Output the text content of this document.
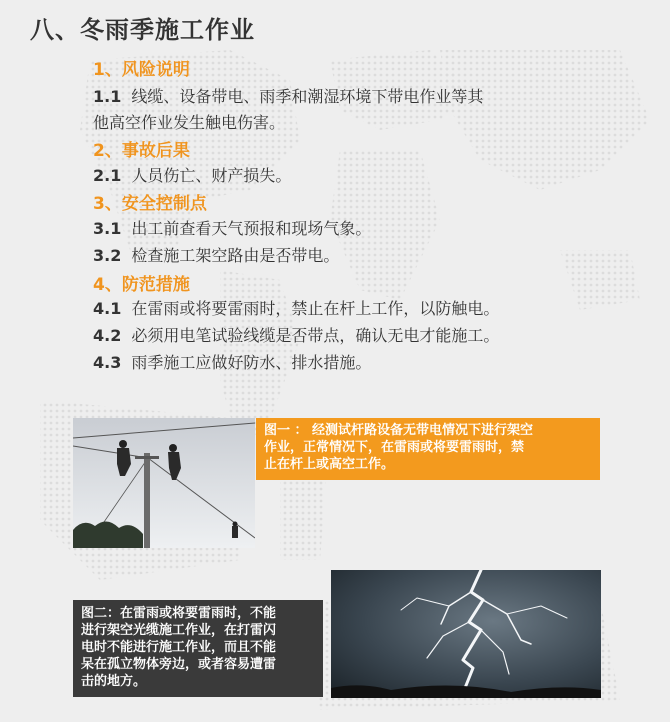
八、冬雨季施工作业
1、风险说明
1.1 线缆、设备带电、雨季和潮湿环境下带电作业等其
他高空作业发生触电伤害。
2、事故后果
2.1 人员伤亡、财产损失。
3、安全控制点
3.1 出工前查看天气预报和现场气象。
3.2 检查施工架空路由是否带电。
4、防范措施
4.1 在雷雨或将要雷雨时，禁止在杆上工作，以防触电。
4.2 必须用电笔试验线缆是否带点，确认无电才能施工。
4.3 雨季施工应做好防水、排水措施。
图一 ： 经测试杆路设备无带电情况下进行架空
作业，正常情况下，在雷雨或将要雷雨时，禁
止在杆上或高空工作。
图二：在雷雨或将要雷雨时，不能
进行架空光缆施工作业，在打雷闪
电时不能进行施工作业，而且不能
呆在孤立物体旁边，或者容易遭雷
击的地方。
